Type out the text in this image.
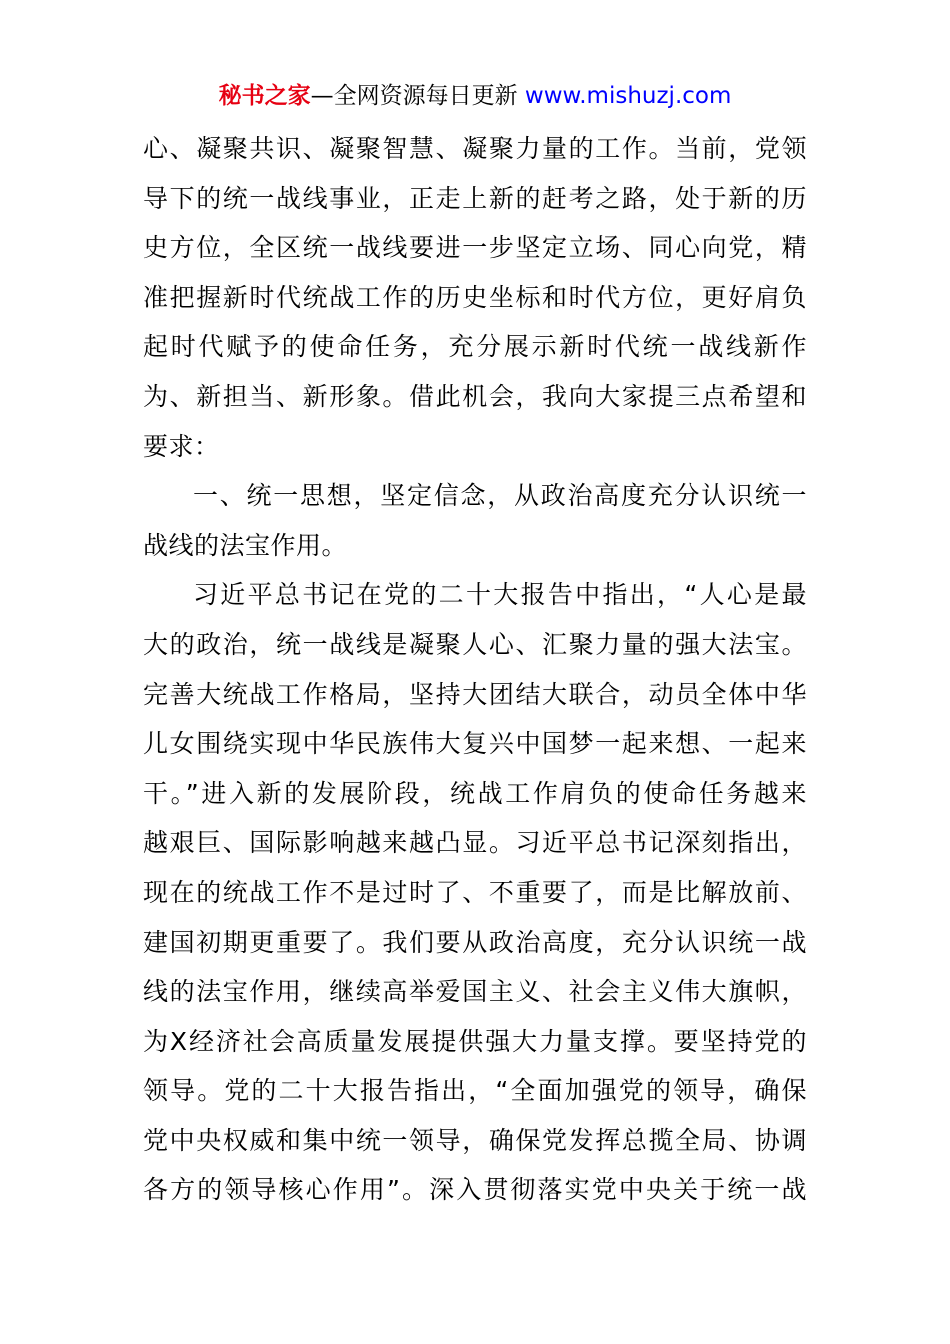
秘书之家—全网资源每日更新 www.mishuzj.com
心、凝聚共识、凝聚智慧、凝聚力量的工作。当前，党领
导下的统一战线事业，正走上新的赶考之路，处于新的历
史方位，全区统一战线要进一步坚定立场、同心向党，精
准把握新时代统战工作的历史坐标和时代方位，更好肩负
起时代赋予的使命任务，充分展示新时代统一战线新作
为、新担当、新形象。借此机会，我向大家提三点希望和
要求：
一、统一思想，坚定信念，从政治高度充分认识统一
战线的法宝作用。
习近平总书记在党的二十大报告中指出，“人心是最
大的政治，统一战线是凝聚人心、汇聚力量的强大法宝。
完善大统战工作格局，坚持大团结大联合，动员全体中华
儿女围绕实现中华民族伟大复兴中国梦一起来想、一起来
干。”进入新的发展阶段，统战工作肩负的使命任务越来
越艰巨、国际影响越来越凸显。习近平总书记深刻指出，
现在的统战工作不是过时了、不重要了，而是比解放前、
建国初期更重要了。我们要从政治高度，充分认识统一战
线的法宝作用，继续高举爱国主义、社会主义伟大旗帜，
为X经济社会高质量发展提供强大力量支撑。要坚持党的
领导。党的二十大报告指出，“全面加强党的领导，确保
党中央权威和集中统一领导，确保党发挥总揽全局、协调
各方的领导核心作用”。深入贯彻落实党中央关于统一战
